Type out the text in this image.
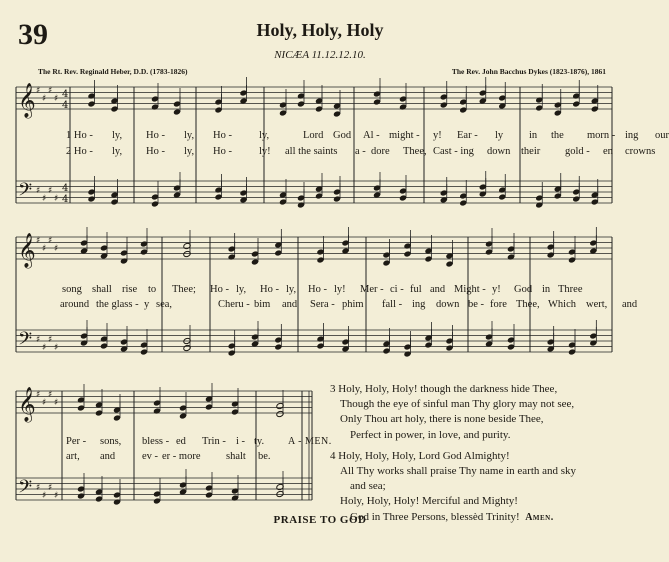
39	Holy, Holy, Holy
NICÆA 11.12.12.10.
The Rt. Rev. Reginald Heber, D.D. (1783-1826)	The Rev. John Bacchus Dykes (1823-1876), 1861
𝄞
𝄢
♯
♯
♯
♯
♯
♯
♯
♯
4
4
4
4
𝄞
𝄢
♯
♯
♯
♯
♯
♯
♯
♯
𝄞
𝄢
♯
♯
♯
♯
♯
♯
♯
♯
1 Ho - ly, Ho - ly, Ho -	ly,	Lord God Al - might - y! Ear - ly in the morn - ing our
2 Ho - ly, Ho - ly, Ho -	ly! all the saints a - dore Thee, Cast - ing down their gold - en crowns
song shall rise to Thee; Ho - ly, Ho - ly, Ho - ly! Mer - ci - ful and Might - y! God in Three
around the glass - y sea,	Cheru - bim and Sera - phim fall - ing down be - fore Thee, Which wert, and
Per - sons, bless - ed Trin - i - ty. A - MEN.
art, and	ev - er - more shalt be.
3 Holy, Holy, Holy! though the darkness hide Thee,
Though the eye of sinful man Thy glory may not see,
Only Thou art holy, there is none beside Thee,
Perfect in power, in love, and purity.
4 Holy, Holy, Holy, Lord God Almighty!
All Thy works shall praise Thy name in earth and sky
and sea;
Holy, Holy, Holy! Merciful and Mighty!
God in Three Persons, blessèd Trinity! Amen.
PRAISE TO GOD
